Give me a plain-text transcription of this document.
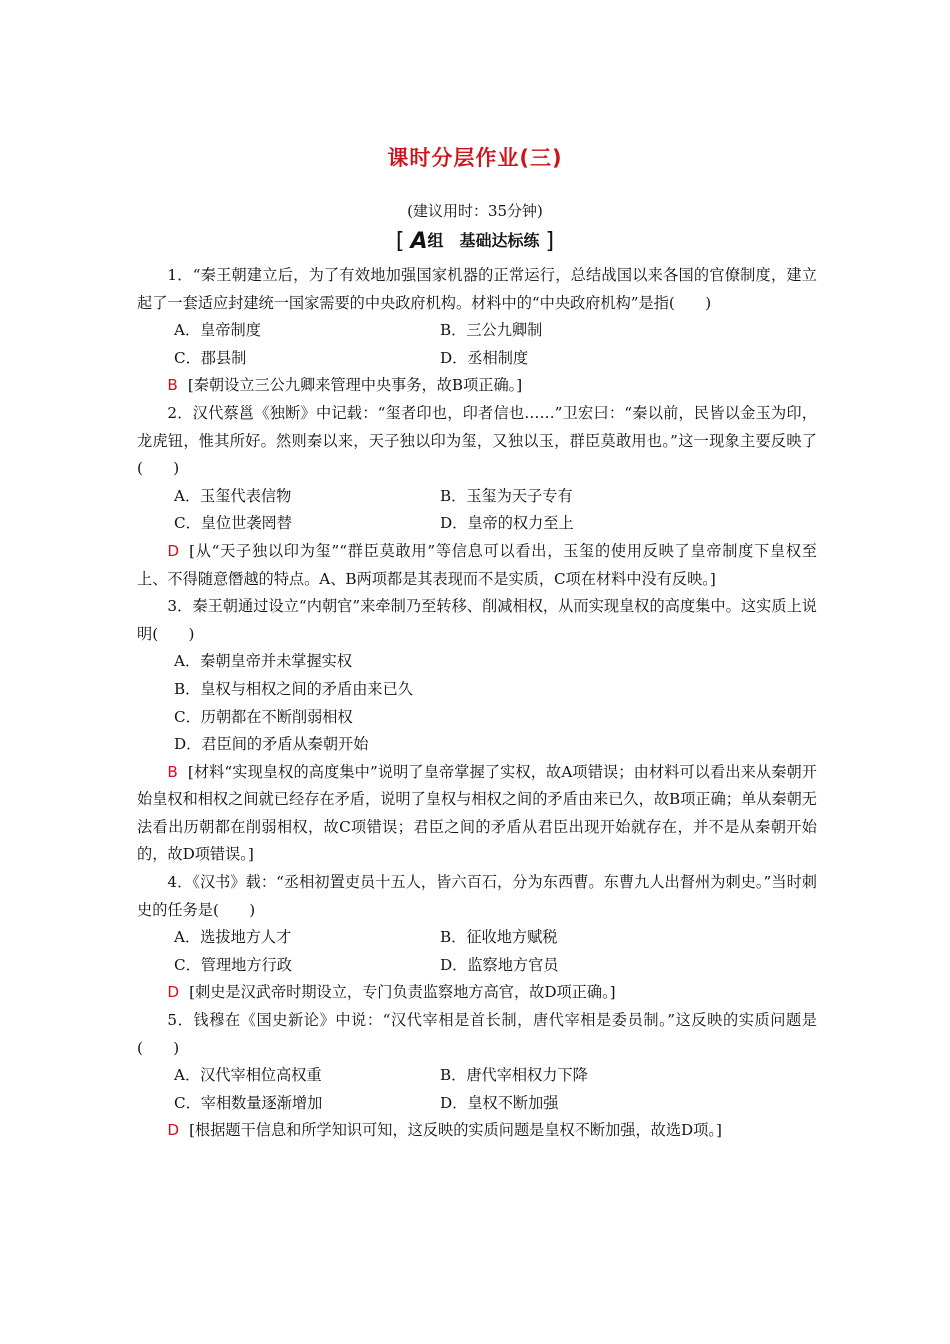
课时分层作业(三)
(建议用时：35分钟)
[ A组　基础达标练 ]

1．“秦王朝建立后，为了有效地加强国家机器的正常运行，总结战国以来各国的官僚制度，建立起了一套适应封建统一国家需要的中央政府机构。材料中的“中央政府机构”是指(　　)

A．皇帝制度	B．三公九卿制

C．郡县制	D．丞相制度

B [秦朝设立三公九卿来管理中央事务，故B项正确。]

2．汉代蔡邕《独断》中记载：“玺者印也，印者信也……”卫宏曰：“秦以前，民皆以金玉为印，龙虎钮，惟其所好。然则秦以来，天子独以印为玺，又独以玉，群臣莫敢用也。”这一现象主要反映了(　　)

A．玉玺代表信物	B．玉玺为天子专有

C．皇位世袭罔替	D．皇帝的权力至上

D [从“天子独以印为玺”“群臣莫敢用”等信息可以看出，玉玺的使用反映了皇帝制度下皇权至上、不得随意僭越的特点。A、B两项都是其表现而不是实质，C项在材料中没有反映。]

3．秦王朝通过设立“内朝官”来牵制乃至转移、削减相权，从而实现皇权的高度集中。这实质上说明(　　)

A．秦朝皇帝并未掌握实权

B．皇权与相权之间的矛盾由来已久

C．历朝都在不断削弱相权

D．君臣间的矛盾从秦朝开始

B [材料“实现皇权的高度集中”说明了皇帝掌握了实权，故A项错误；由材料可以看出来从秦朝开始皇权和相权之间就已经存在矛盾，说明了皇权与相权之间的矛盾由来已久，故B项正确；单从秦朝无法看出历朝都在削弱相权，故C项错误；君臣之间的矛盾从君臣出现开始就存在，并不是从秦朝开始的，故D项错误。]

4．《汉书》载：“丞相初置吏员十五人，皆六百石，分为东西曹。东曹九人出督州为刺史。”当时刺史的任务是(　　)

A．选拔地方人才	B．征收地方赋税

C．管理地方行政	D．监察地方官员

D [刺史是汉武帝时期设立，专门负责监察地方高官，故D项正确。]

5．钱穆在《国史新论》中说：“汉代宰相是首长制，唐代宰相是委员制。”这反映的实质问题是(　　)

A．汉代宰相位高权重	B．唐代宰相权力下降

C．宰相数量逐渐增加	D．皇权不断加强

D [根据题干信息和所学知识可知，这反映的实质问题是皇权不断加强，故选D项。]
